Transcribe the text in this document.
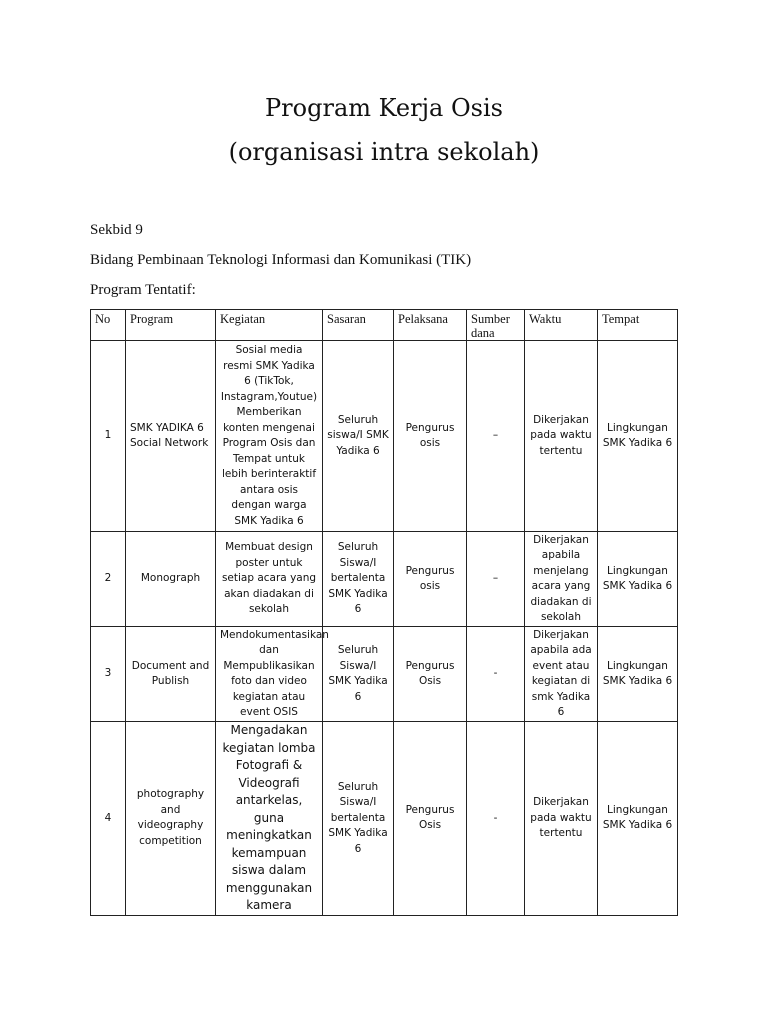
Program Kerja Osis
(organisasi intra sekolah)
Sekbid 9
Bidang Pembinaan Teknologi Informasi dan Komunikasi (TIK)
Program Tentatif:
No	Program	Kegiatan	Sasaran	Pelaksana	Sumber dana	Waktu	Tempat
1	SMK YADIKA 6 Social Network	Sosial media resmi SMK Yadika 6 (TikTok, Instagram,Youtue) Memberikan konten mengenai Program Osis dan Tempat untuk lebih berinteraktif antara osis dengan warga SMK Yadika 6	Seluruh siswa/I SMK Yadika 6	Pengurus osis	–	Dikerjakan pada waktu tertentu	Lingkungan SMK Yadika 6
2	Monograph	Membuat design poster untuk setiap acara yang akan diadakan di sekolah	Seluruh Siswa/I bertalenta SMK Yadika 6	Pengurus osis	–	Dikerjakan apabila menjelang acara yang diadakan di sekolah	Lingkungan SMK Yadika 6
3	Document and Publish	Mendokumentasikan dan Mempublikasikan foto dan video kegiatan atau event OSIS	Seluruh Siswa/I SMK Yadika 6	Pengurus Osis	-	Dikerjakan apabila ada event atau kegiatan di smk Yadika 6	Lingkungan SMK Yadika 6
4	photography and videography competition	Mengadakan kegiatan lomba Fotografi & Videografi antarkelas, guna meningkatkan kemampuan siswa dalam menggunakan kamera	Seluruh Siswa/I bertalenta SMK Yadika 6	Pengurus Osis	-	Dikerjakan pada waktu tertentu	Lingkungan SMK Yadika 6
